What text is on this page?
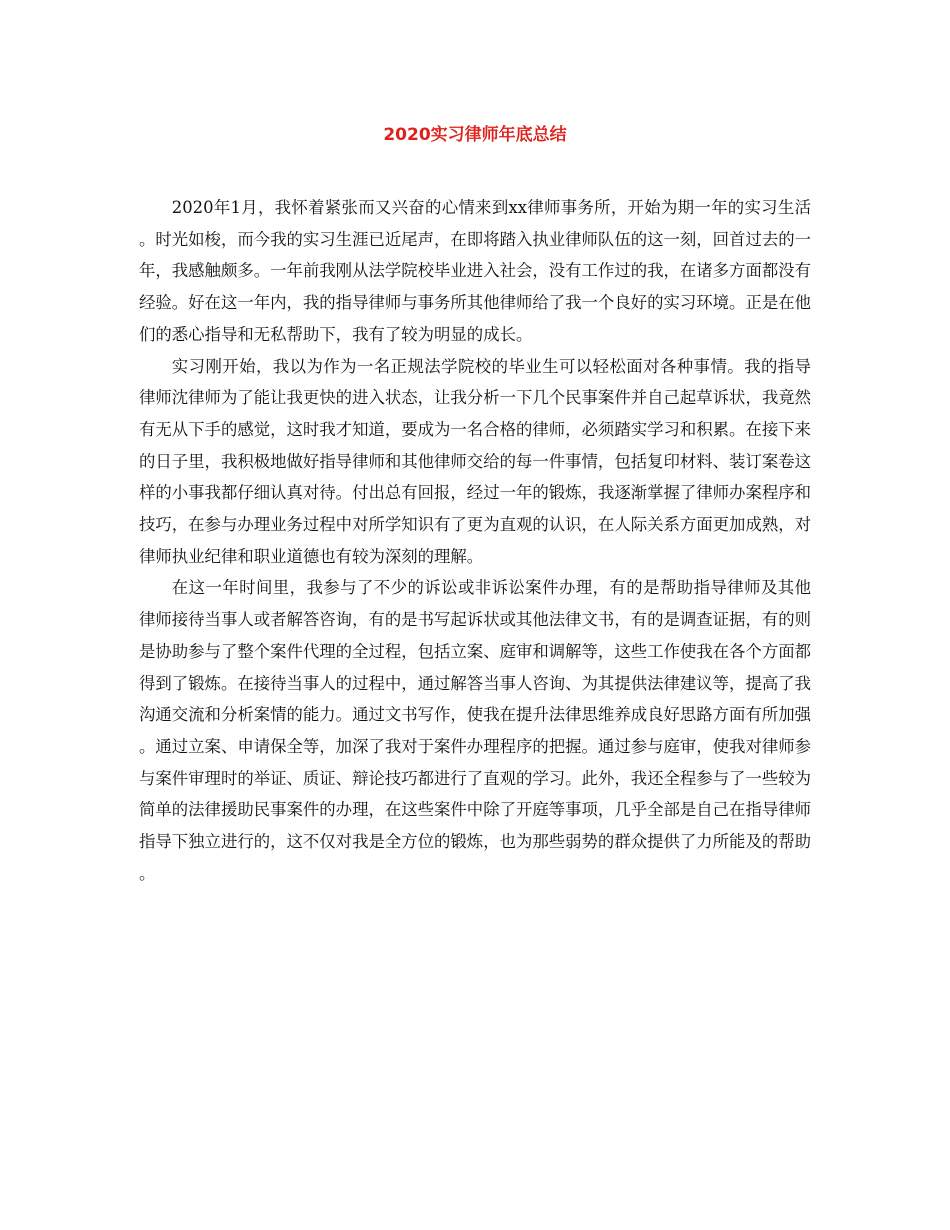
2020实习律师年底总结

2020年1月，我怀着紧张而又兴奋的心情来到xx律师事务所，开始为期一年的实习生活。时光如梭，而今我的实习生涯已近尾声，在即将踏入执业律师队伍的这一刻，回首过去的一年，我感触颇多。一年前我刚从法学院校毕业进入社会，没有工作过的我，在诸多方面都没有经验。好在这一年内，我的指导律师与事务所其他律师给了我一个良好的实习环境。正是在他们的悉心指导和无私帮助下，我有了较为明显的成长。

实习刚开始，我以为作为一名正规法学院校的毕业生可以轻松面对各种事情。我的指导律师沈律师为了能让我更快的进入状态，让我分析一下几个民事案件并自己起草诉状，我竟然有无从下手的感觉，这时我才知道，要成为一名合格的律师，必须踏实学习和积累。在接下来的日子里，我积极地做好指导律师和其他律师交给的每一件事情，包括复印材料、装订案卷这样的小事我都仔细认真对待。付出总有回报，经过一年的锻炼，我逐渐掌握了律师办案程序和技巧，在参与办理业务过程中对所学知识有了更为直观的认识，在人际关系方面更加成熟，对律师执业纪律和职业道德也有较为深刻的理解。

在这一年时间里，我参与了不少的诉讼或非诉讼案件办理，有的是帮助指导律师及其他律师接待当事人或者解答咨询，有的是书写起诉状或其他法律文书，有的是调查证据，有的则是协助参与了整个案件代理的全过程，包括立案、庭审和调解等，这些工作使我在各个方面都得到了锻炼。在接待当事人的过程中，通过解答当事人咨询、为其提供法律建议等，提高了我沟通交流和分析案情的能力。通过文书写作，使我在提升法律思维养成良好思路方面有所加强。通过立案、申请保全等，加深了我对于案件办理程序的把握。通过参与庭审，使我对律师参与案件审理时的举证、质证、辩论技巧都进行了直观的学习。此外，我还全程参与了一些较为简单的法律援助民事案件的办理，在这些案件中除了开庭等事项，几乎全部是自己在指导律师指导下独立进行的，这不仅对我是全方位的锻炼，也为那些弱势的群众提供了力所能及的帮助。
